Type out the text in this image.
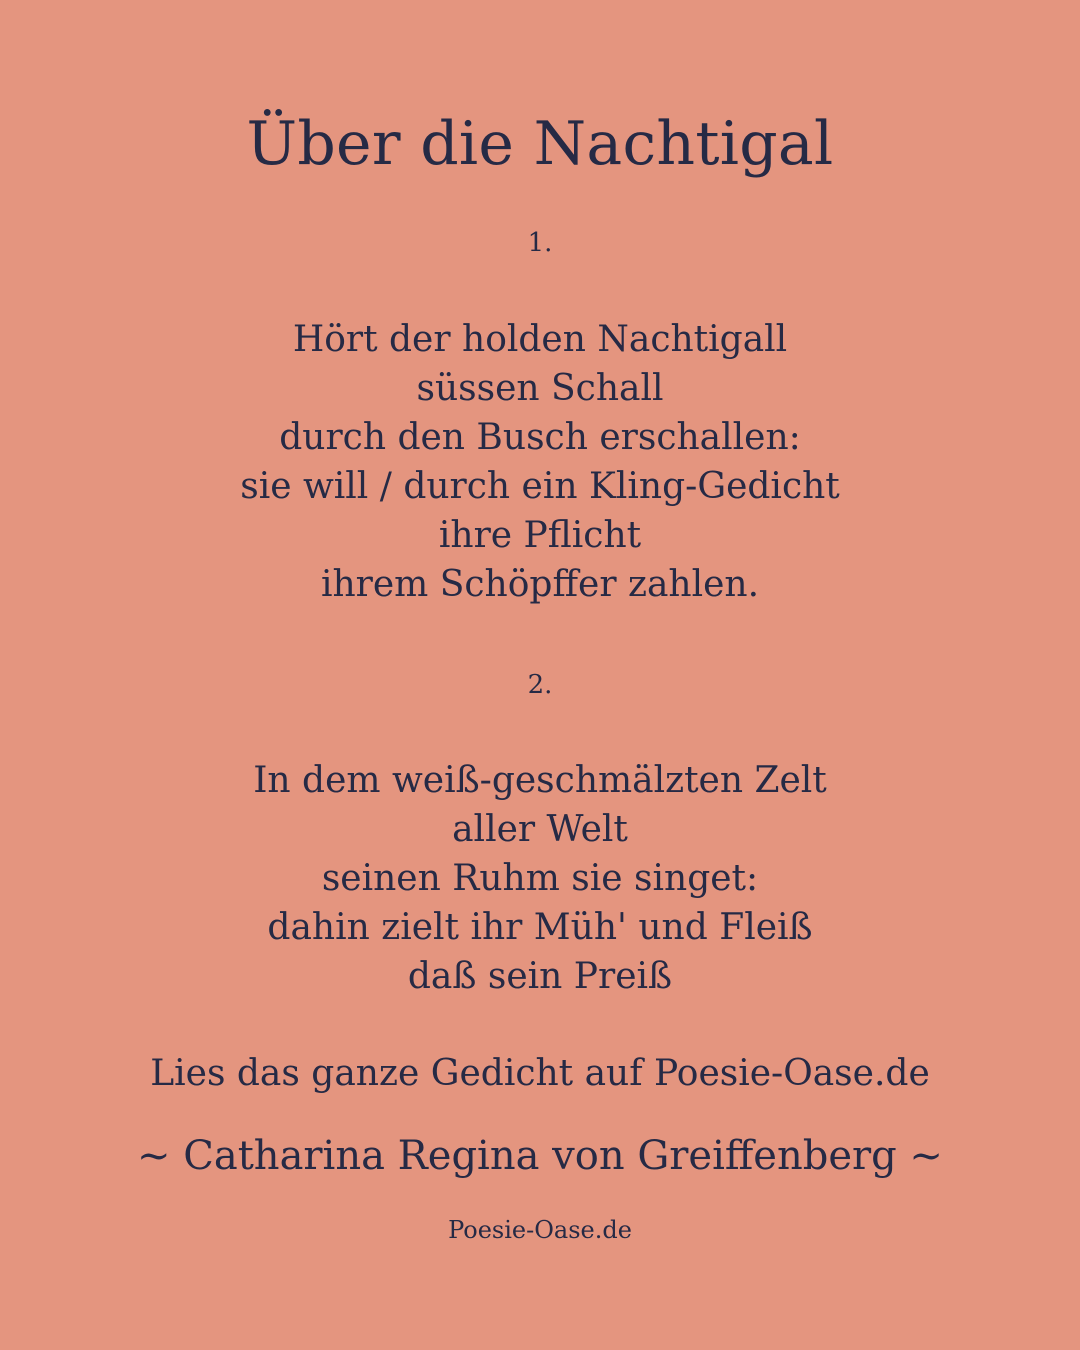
Über die Nachtigal
1.
Hört der holden Nachtigall
süssen Schall
durch den Busch erschallen:
sie will / durch ein Kling-Gedicht
ihre Pflicht
ihrem Schöpffer zahlen.
2.
In dem weiß-geschmälzten Zelt
aller Welt
seinen Ruhm sie singet:
dahin zielt ihr Müh' und Fleiß
daß sein Preiß
Lies das ganze Gedicht auf Poesie-Oase.de
~ Catharina Regina von Greiffenberg ~
Poesie-Oase.de
